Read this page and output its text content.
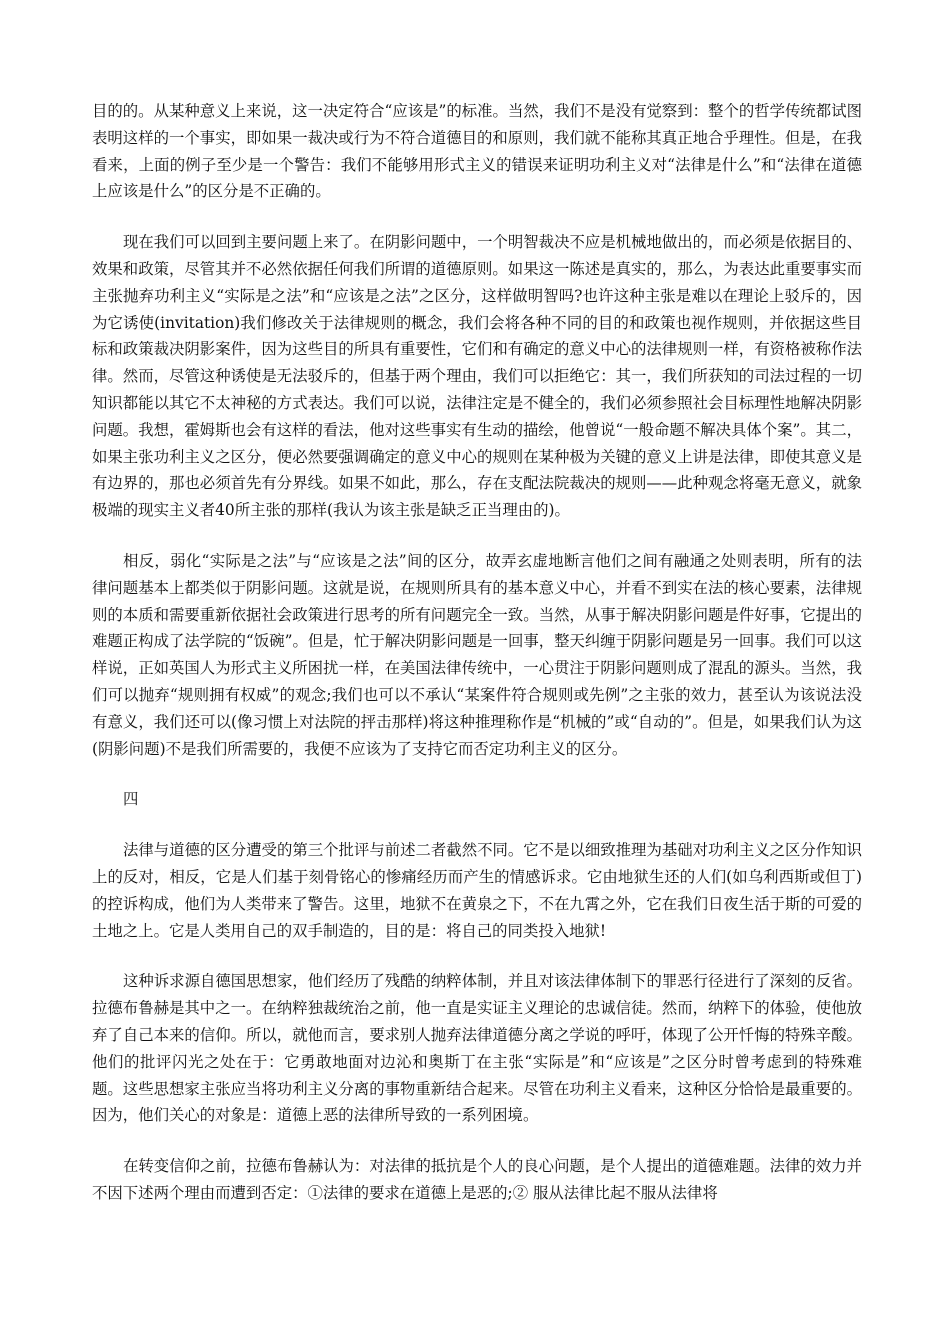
目的的。从某种意义上来说，这一决定符合“应该是”的标准。当然，我们不是没有觉察到：整个的哲学传统都试图表明这样的一个事实，即如果一裁决或行为不符合道德目的和原则，我们就不能称其真正地合乎理性。但是，在我看来，上面的例子至少是一个警告：我们不能够用形式主义的错误来证明功利主义对“法律是什么”和“法律在道德上应该是什么”的区分是不正确的。

现在我们可以回到主要问题上来了。在阴影问题中，一个明智裁决不应是机械地做出的，而必须是依据目的、效果和政策，尽管其并不必然依据任何我们所谓的道德原则。如果这一陈述是真实的，那么，为表达此重要事实而主张抛弃功利主义“实际是之法”和“应该是之法”之区分，这样做明智吗?也许这种主张是难以在理论上驳斥的，因为它诱使(invitation)我们修改关于法律规则的概念，我们会将各种不同的目的和政策也视作规则，并依据这些目标和政策裁决阴影案件，因为这些目的所具有重要性，它们和有确定的意义中心的法律规则一样，有资格被称作法律。然而，尽管这种诱使是无法驳斥的，但基于两个理由，我们可以拒绝它：其一，我们所获知的司法过程的一切知识都能以其它不太神秘的方式表达。我们可以说，法律注定是不健全的，我们必须参照社会目标理性地解决阴影问题。我想，霍姆斯也会有这样的看法，他对这些事实有生动的描绘，他曾说“一般命题不解决具体个案”。其二，如果主张功利主义之区分，便必然要强调确定的意义中心的规则在某种极为关键的意义上讲是法律，即使其意义是有边界的，那也必须首先有分界线。如果不如此，那么，存在支配法院裁决的规则——此种观念将毫无意义，就象极端的现实主义者40所主张的那样(我认为该主张是缺乏正当理由的)。

相反，弱化“实际是之法”与“应该是之法”间的区分，故弄玄虚地断言他们之间有融通之处则表明，所有的法律问题基本上都类似于阴影问题。这就是说，在规则所具有的基本意义中心，并看不到实在法的核心要素，法律规则的本质和需要重新依据社会政策进行思考的所有问题完全一致。当然，从事于解决阴影问题是件好事，它提出的难题正构成了法学院的“饭碗”。但是，忙于解决阴影问题是一回事，整天纠缠于阴影问题是另一回事。我们可以这样说，正如英国人为形式主义所困扰一样，在美国法律传统中，一心贯注于阴影问题则成了混乱的源头。当然，我们可以抛弃“规则拥有权威”的观念;我们也可以不承认“某案件符合规则或先例”之主张的效力，甚至认为该说法没有意义，我们还可以(像习惯上对法院的抨击那样)将这种推理称作是“机械的”或“自动的”。但是，如果我们认为这(阴影问题)不是我们所需要的，我便不应该为了支持它而否定功利主义的区分。

四

法律与道德的区分遭受的第三个批评与前述二者截然不同。它不是以细致推理为基础对功利主义之区分作知识上的反对，相反，它是人们基于刻骨铭心的惨痛经历而产生的情感诉求。它由地狱生还的人们(如乌利西斯或但丁)的控诉构成，他们为人类带来了警告。这里，地狱不在黄泉之下，不在九霄之外，它在我们日夜生活于斯的可爱的土地之上。它是人类用自己的双手制造的，目的是：将自己的同类投入地狱!

这种诉求源自德国思想家，他们经历了残酷的纳粹体制，并且对该法律体制下的罪恶行径进行了深刻的反省。拉德布鲁赫是其中之一。在纳粹独裁统治之前，他一直是实证主义理论的忠诚信徒。然而，纳粹下的体验，使他放弃了自己本来的信仰。所以，就他而言，要求别人抛弃法律道德分离之学说的呼吁，体现了公开忏悔的特殊辛酸。他们的批评闪光之处在于：它勇敢地面对边沁和奥斯丁在主张“实际是”和“应该是”之区分时曾考虑到的特殊难题。这些思想家主张应当将功利主义分离的事物重新结合起来。尽管在功利主义看来，这种区分恰恰是最重要的。因为，他们关心的对象是：道德上恶的法律所导致的一系列困境。

在转变信仰之前，拉德布鲁赫认为：对法律的抵抗是个人的良心问题，是个人提出的道德难题。法律的效力并不因下述两个理由而遭到否定：①法律的要求在道德上是恶的;② 服从法律比起不服从法律将
